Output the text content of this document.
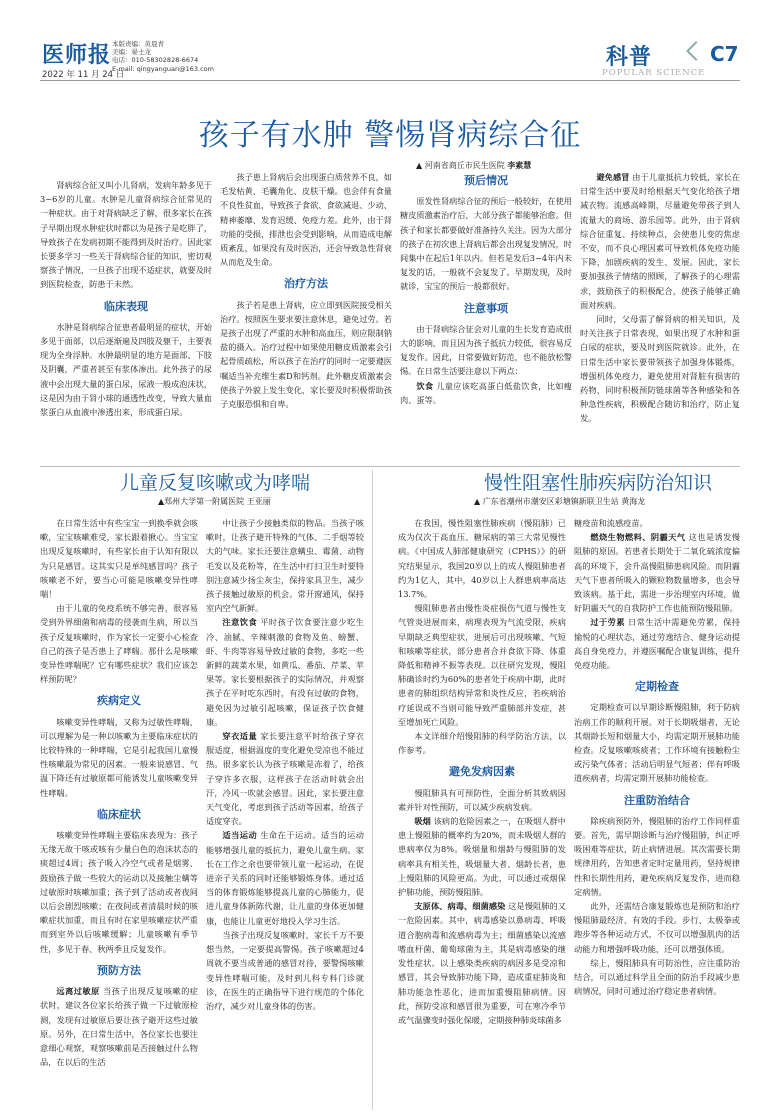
医师报
2022 年 11 月 24 日
本版责编：黄晨青
美编：晏士龙
电话：010-58302828-6674
E-mail: qingyanguan@163.com	科普	C7
POPULAR SCIENCE
孩子有水肿 警惕肾病综合征
▲ 河南省商丘市民生医院 李素慧

肾病综合征又叫小儿肾病，发病年龄多见于3~6岁的儿童。水肿是儿童肾病综合征常见的一种症状。由于对肾病缺乏了解，很多家长在孩子早期出现水肿症状时都以为是孩子是吃胖了，导致孩子在发病初期不能得到及时治疗。因此家长要多学习一些关于肾病综合征的知识，密切观察孩子情况，一旦孩子出现不适症状，就要及时到医院检查，防患于未然。

临床表现

水肿是肾病综合征患者最明显的症状，开始多见于面部，以后逐渐遍及四肢及躯干，主要表现为全身浮肿。水肿最明显的地方是面部、下肢及阴囊，严重者甚至有浆体渗出。此外孩子的尿液中会出现大量的蛋白尿，尿液一般成泡沫状，这是因为由于肾小球的通透性改变，导致大量血浆蛋白从血液中渗透出来，形成蛋白尿。

孩子患上肾病后会出现蛋白质营养不良，如毛发枯黄、毛囊角化、皮肤干燥。也会伴有食量不良性贫血，导致孩子食欲、食欲减退、少动、精神萎靡、发育迟缓、免疫力差。此外，由于肾功能的受损，排泄也会受到影响，从而造成电解质紊乱，如果没有及时医治，还会导致急性肾衰从而危及生命。

治疗方法

孩子若是患上肾病，应立即到医院接受相关治疗。按照医生要求要注意休息，避免过劳。若是孩子出现了严重的水肿和高血压，则应限制钠盐的摄入。治疗过程中如果使用糖皮质激素会引起骨质疏松，所以孩子在治疗的同时一定要遵医嘱适当补充维生素D和钙剂。此外糖皮质激素会使孩子外貌上发生变化，家长要及时积极帮助孩子克服恐惧和自卑。

预后情况

原发性肾病综合征的预后一般较好，在使用糖皮质激素治疗后，大部分孩子都能够治愈。但孩子和家长都要做好准备持久关注。因为大部分的孩子在初次患上肾病后都会出现复发情况，时间集中在起后1年以内。但若是发后3~4年内未复发的话，一般就不会复发了。早期发现，及时就诊，宝宝的预后一般都很好。

注意事项

由于肾病综合征会对儿童的生长发育造成很大的影响，而且因为孩子抵抗力较低，很容易反复发作。因此，日常要做好防范，也不能放松警惕。在日常生活要注意以下两点：

饮食 儿童应该吃高蛋白低盐饮食，比如瘦肉、蛋等。

避免感冒 由于儿童抵抗力较低，家长在日常生活中要及时给根据天气变化给孩子增减衣物。流感高峰期，尽量避免带孩子到人流量大的商场、游乐园等。此外，由于肾病综合征重复、持续种点，会使患儿变的焦虑不安，而不良心理因素可导致机体免疫功能下降，加剧疾病的发生、发展。因此，家长要加强孩子情绪的照顾，了解孩子的心理需求，鼓励孩子的积极配合，使孩子能够正确面对疾病。

同时，父母需了解肾病的相关知识，及时关注孩子日常表现，如果出现了水肿和蛋白尿的症状，要及时到医院就诊。此外，在日常生活中家长要带领孩子加强身体锻炼，增强机体免疫力，避免使用对肾脏有损害的药物，同时积极预防链球菌等各种感染和各种急性疾病，积极配合随访和治疗，防止复发。

儿童反复咳嗽或为哮喘
▲郑州大学第一附属医院 王亚丽

在日常生活中有些宝宝一到换季就会咳嗽，宝宝咳嗽难受，家长跟着揪心。当宝宝出现反复咳嗽时，有些家长由于认知有限以为只是感冒。这其实只是单纯感冒吗？孩子咳嗽老不好，要当心可能是咳嗽变异性哮喘！

由于儿童的免疫系统不够完善，很容易受到外界细菌和病毒的侵袭而生病，所以当孩子反复咳嗽时，作为家长一定要小心检查自己的孩子是否患上了哮喘。那什么是咳嗽变异性哮喘呢？它有哪些症状？我们应该怎样预防呢？

疾病定义

咳嗽变异性哮喘，又称为过敏性哮喘，可以理解为是一种以咳嗽为主要临床症状的比较特殊的一种哮喘，它是引起我国儿童慢性咳嗽最为常见的因素。一般来说感冒、气温下降还有过敏原都可能诱发儿童咳嗽变异性哮喘。

临床症状

咳嗽变异性哮喘主要临床表现为：孩子无缘无故干咳或咳有少量白色的泡沫状态的痰超过4周；孩子吸入冷空气或者是烟雾、鼓励孩子做一些较大的运动以及接触尘螨等过敏原时咳嗽加重；孩子到了活动或者夜间以后会剧烈咳嗽；在夜间或者清晨时候的咳嗽症状加重，而且有时在家里咳嗽症状严重而到室外以后咳嗽缓解；儿童咳嗽有季节性，多见于春、秋两季且反复发作。

预防方法

远离过敏原 当孩子出现反复咳嗽的症状时，建议各位家长给孩子做一下过敏原检测，发现有过敏原后要让孩子避开这些过敏原。另外，在日常生活中，各位家长也要注意细心观察，观察咳嗽前是否接触过什么物品，在以后的生活

中让孩子少接触类似的物品。当孩子咳嗽时，让孩子避开特殊的气体、二手烟等较大的气味。家长还要注意螨虫、霉菌、动物毛发以及花粉等，在生活中打扫卫生时要特别注意减少扬尘灰尘，保持家具卫生，减少孩子接触过敏原的机会。常开窗通风，保持室内空气新鲜。

注意饮食 平时孩子饮食要注意少吃生冷、油腻、辛辣刺激的食物及鱼、螃蟹、虾、牛肉等容易导致过敏的食物，多吃一些新鲜的蔬菜水果，如黄瓜、番茄、芹菜、苹果等。家长要根据孩子的实际情况，并观察孩子在平时吃东西时，有没有过敏的食物，避免因为过敏引起咳嗽，保证孩子饮食健康。

穿衣适量 家长要注意平时给孩子穿衣服适度，根据温度的变化避免受凉也不能过热。很多家长认为孩子咳嗽是冻着了，给孩子穿许多衣服，这样孩子在活动时就会出汗，冷风一吹就会感冒。因此，家长要注意天气变化，考虑到孩子活动等因素，给孩子适度穿衣。

适当运动 生命在于运动。适当的运动能够增强儿童的抵抗力，避免儿童生病。家长在工作之余也要带领儿童一起运动，在促进亲子关系的同时还能够锻炼身体。通过适当的体育锻炼能够提高儿童的心肺能力，促进儿童身体新陈代谢，让儿童的身体更加健康，也能让儿童更好地投入学习生活。

当孩子出现反复咳嗽时，家长千万不要想当然，一定要提高警惕。孩子咳嗽超过4周就不要当成普通的感冒对待，要警惕咳嗽变异性哮喘可能，及时到儿科专科门诊就诊，在医生的正确指导下进行规范的个体化治疗，减少对儿童身体的伤害。

慢性阻塞性肺疾病防治知识
▲ 广东省潮州市潮安区彩塘镇新联卫生站 黄海龙

在我国，慢性阻塞性肺疾病（慢阻肺）已成为仅次于高血压、糖尿病的第三大常见慢性病。《中国成人肺部健康研究（CPHS）》的研究结果显示，我国20岁以上的成人慢阻肺患者约为1亿人，其中，40岁以上人群患病率高达13.7%。

慢阻肺患者由慢性炎症损伤气道与慢性支气管炎进展而来，病理表现为气流受限，疾病早期缺乏典型症状，进展后可出现咳嗽、气短和咳嗽等症状，部分患者合并食欲下降、体重降低和精神不振等表现。以往研究发现，慢阻肺确诊时约为60%的患者处于疾病中期，此时患者的肺组织结构异常和炎性反应，若疾病治疗延误或不当则可能导致严重肺部并发症，甚至增加死亡风险。

本文详细介绍慢阻肺的科学防治方法，以作参考。

避免发病因素

慢阻肺具有可预防性，全面分析其致病因素并针对性预防，可以减少疾病发病。

吸烟 该病的危险因素之一，在吸烟人群中患上慢阻肺的概率约为20%，而未吸烟人群的患病率仅为8%。吸烟量和烟龄与慢阻肺的发病率具有相关性，吸烟量大者、烟龄长者，患上慢阻肺的风险更高。为此，可以通过戒烟保护肺功能，预防慢阻肺。

支原体、病毒、细菌感染 这是慢阻肺的又一危险因素。其中，病毒感染以鼻病毒、呼吸道合胞病毒和流感病毒为主；细菌感染以流感嗜血杆菌、葡萄球菌为主，其是病毒感染的继发性症状。以上感染类疾病的病因多是受凉和感冒，其会导致肺功能下降，造成重症肺炎和肺功能急性恶化，进而加重慢阻肺病情。因此，预防受凉和感冒很为重要，可在寒冷季节或气温骤变时强化保暖，定期接种肺炎球菌多

糖疫苗和流感疫苗。

燃烧生物燃料、阴霾天气 这也是诱发慢阻肺的原因。若患者长期处于二氧化硫浓度偏高的环境下，会升高慢阻肺患病风险。而阴霾天气下患者所吸入的颗粒物数量增多，也会导致该病。基于此，需进一步治理室内环境，做好阴霾天气的自我防护工作也能预防慢阻肺。

过于劳累 日常生活中需避免劳累，保持愉悦的心理状态，通过劳逸结合、健身运动提高自身免疫力，并遵医嘱配合康复训练，提升免疫功能。

定期检查

定期检查可以早期诊断慢阻肺，利于防病治病工作的顺利开展。对于长期吸烟者，无论其烟龄长短和烟量大小，均需定期开展肺功能检查。反复咳嗽咳痰者；工作环境有接触粉尘或污染气体者；活动后明显气短者；伴有呼吸道疾病者，均需定期开展肺功能检查。

注重防治结合

除疾病预防外，慢阻肺的治疗工作同样重要。首先，需早期诊断与治疗慢阻肺，纠正呼吸困难等症状，防止病情进展。其次需要长期规律用药，告知患者定时定量用药，坚持规律性和长期性用药，避免疾病反复发作，进而稳定病情。

此外，还需结合康复锻炼也是预防和治疗慢阻肺最经济、有效的手段。步行、太极拳或跑步等各种运动方式，不仅可以增强肌肉的活动能力和增强呼吸功能，还可以增强体质。

综上，慢阻肺具有可防治性，应注重防治结合，可以通过科学且全面的防治手段减少患病情况，同时可通过治疗稳定患者病情。
